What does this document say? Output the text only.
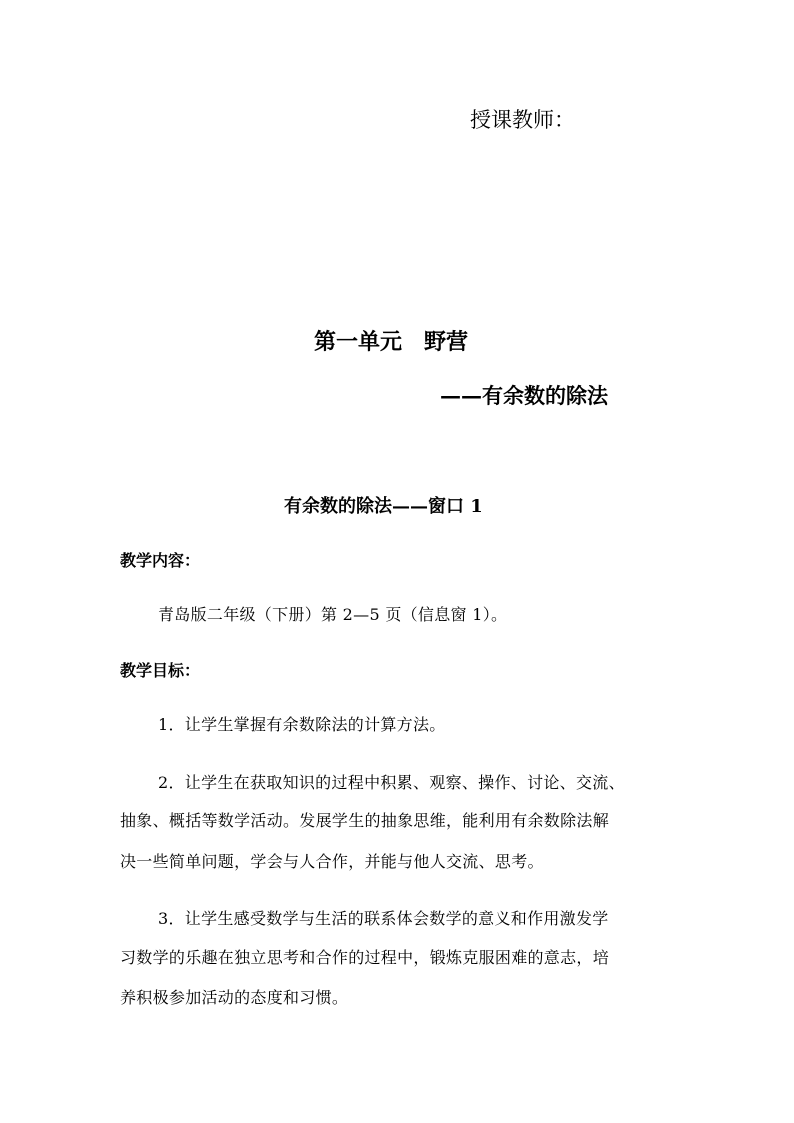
授课教师：
第一单元　野营
——有余数的除法
有余数的除法——窗口 1
教学内容：
青岛版二年级（下册）第 2—5 页（信息窗 1）。
教学目标：
1．让学生掌握有余数除法的计算方法。
2．让学生在获取知识的过程中积累、观察、操作、讨论、交流、
抽象、概括等数学活动。发展学生的抽象思维，能利用有余数除法解
决一些简单问题，学会与人合作，并能与他人交流、思考。
3．让学生感受数学与生活的联系体会数学的意义和作用激发学
习数学的乐趣在独立思考和合作的过程中，锻炼克服困难的意志，培
养积极参加活动的态度和习惯。
